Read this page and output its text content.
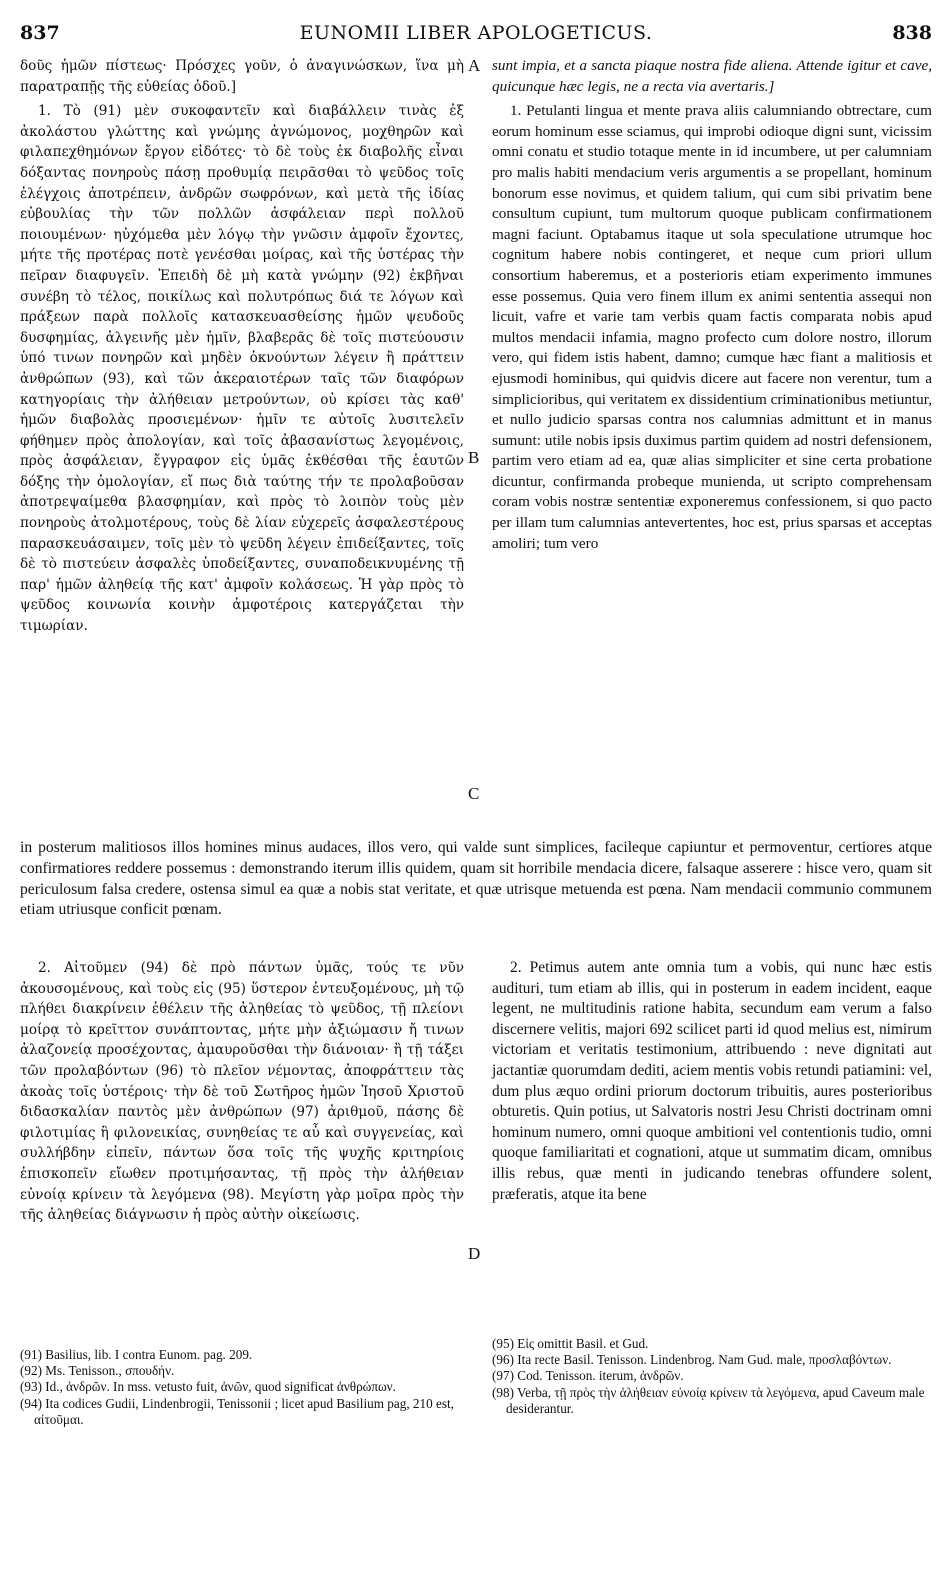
837	EUNOMII LIBER APOLOGETICUS.	838

δοῦς ἡμῶν πίστεως· Πρόσχες γοῦν, ὁ ἀναγινώσκων, ἵνα μὴ παρατραπῇς τῆς εὐθείας ὁδοῦ.]

1. Τὸ (91) μὲν συκοφαντεῖν καὶ διαβάλλειν τινὰς ἐξ ἀκολάστου γλώττης καὶ γνώμης ἀγνώμονος, μοχθηρῶν καὶ φιλαπεχθημόνων ἔργον εἰδότες· τὸ δὲ τοὺς ἐκ διαβολῆς εἶναι δόξαντας πονηροὺς πάσῃ προθυμίᾳ πειρᾶσθαι τὸ ψεῦδος τοῖς ἐλέγχοις ἀποτρέπειν, ἀνδρῶν σωφρόνων, καὶ μετὰ τῆς ἰδίας εὐβουλίας τὴν τῶν πολλῶν ἀσφάλειαν περὶ πολλοῦ ποιουμένων· ηὐχόμεθα μὲν λόγῳ τὴν γνῶσιν ἀμφοῖν ἔχοντες, μήτε τῆς προτέρας ποτὲ γενέσθαι μοίρας, καὶ τῆς ὑστέρας τὴν πεῖραν διαφυγεῖν. Ἐπειδὴ δὲ μὴ κατὰ γνώμην (92) ἐκβῆναι συνέβη τὸ τέλος, ποικίλως καὶ πολυτρόπως διά τε λόγων καὶ πράξεων παρὰ πολλοῖς κατασκευασθείσης ἡμῶν ψευδοῦς δυσφημίας, ἀλγεινῆς μὲν ἡμῖν, βλαβερᾶς δὲ τοῖς πιστεύουσιν ὑπό τινων πονηρῶν καὶ μηδὲν ὀκνούντων λέγειν ἢ πράττειν ἀνθρώπων (93), καὶ τῶν ἀκεραιοτέρων ταῖς τῶν διαφόρων κατηγορίαις τὴν ἀλήθειαν μετρούντων, οὐ κρίσει τὰς καθ' ἡμῶν διαβολὰς προσιεμένων· ἡμῖν τε αὐτοῖς λυσιτελεῖν φήθημεν πρὸς ἀπολογίαν, καὶ τοῖς ἀβασανίστως λεγομένοις, πρὸς ἀσφάλειαν, ἔγγραφον εἰς ὑμᾶς ἐκθέσθαι τῆς ἑαυτῶν δόξης τὴν ὁμολογίαν, εἴ πως διὰ ταύτης τήν τε προλαβοῦσαν ἀποτρεψαίμεθα βλασφημίαν, καὶ πρὸς τὸ λοιπὸν τοὺς μὲν πονηροὺς ἀτολμοτέρους, τοὺς δὲ λίαν εὐχερεῖς ἀσφαλεστέρους παρασκευάσαιμεν, τοῖς μὲν τὸ ψεῦδη λέγειν ἐπιδείξαντες, τοῖς δὲ τὸ πιστεύειν ἀσφαλὲς ὑποδείξαντες, συναποδεικνυμένης τῇ παρ' ἡμῶν ἀληθείᾳ τῆς κατ' ἀμφοῖν κολάσεως. Ἡ γὰρ πρὸς τὸ ψεῦδος κοινωνία κοινὴν ἀμφοτέροις κατεργάζεται τὴν τιμωρίαν.

sunt impia, et a sancta piaque nostra fide aliena. Attende igitur et cave, quicunque hæc legis, ne a recta via avertaris.]

1. Petulanti lingua et mente prava aliis calumniando obtrectare, cum eorum hominum esse sciamus, qui improbi odioque digni sunt, vicissim omni conatu et studio totaque mente in id incumbere, ut per calumniam pro malis habiti mendacium veris argumentis a se propellant, hominum bonorum esse novimus, et quidem talium, qui cum sibi privatim bene consultum cupiunt, tum multorum quoque publicam confirmationem magni faciunt. Optabamus itaque ut sola speculatione utrumque hoc cognitum habere nobis contingeret, et neque cum priori ullum consortium haberemus, et a posterioris etiam experimento immunes esse possemus. Quia vero finem illum ex animi sententia assequi non licuit, vafre et varie tam verbis quam factis comparata nobis apud multos mendacii infamia, magno profecto cum dolore nostro, illorum vero, qui fidem istis habent, damno; cumque hæc fiant a malitiosis et ejusmodi hominibus, qui quidvis dicere aut facere non verentur, tum a simplicioribus, qui veritatem ex dissidentium criminationibus metiuntur, et nullo judicio sparsas contra nos calumnias admittunt et in manus sumunt: utile nobis ipsis duximus partim quidem ad nostri defensionem, partim vero etiam ad ea, quæ alias simpliciter et sine certa probatione dicuntur, confirmanda probeque munienda, ut scripto comprehensam coram vobis nostræ sententiæ exponeremus confessionem, si quo pacto per illam tum calumnias antevertentes, hoc est, prius sparsas et acceptas amoliri; tum vero

A
B
C
D
in posterum malitiosos illos homines minus audaces, illos vero, qui valde sunt simplices, facileque capiuntur et permoventur, certiores atque confirmatiores reddere possemus : demonstrando iterum illis quidem, quam sit horribile mendacia dicere, falsaque asserere : hisce vero, quam sit periculosum falsa credere, ostensa simul ea quæ a nobis stat veritate, et quæ utrisque metuenda est pœna. Nam mendacii communio communem etiam utriusque conficit pœnam.

2. Αἰτοῦμεν (94) δὲ πρὸ πάντων ὑμᾶς, τούς τε νῦν ἀκουσομένους, καὶ τοὺς εἰς (95) ὕστερον ἐντευξομένους, μὴ τῷ πλήθει διακρίνειν ἐθέλειν τῆς ἀληθείας τὸ ψεῦδος, τῇ πλείονι μοίρᾳ τὸ κρεῖττον συνάπτοντας, μήτε μὴν ἀξιώμασιν ἤ τινων ἀλαζονείᾳ προσέχοντας, ἀμαυροῦσθαι τὴν διάνοιαν· ἢ τῇ τάξει τῶν προλαβόντων (96) τὸ πλεῖον νέμοντας, ἀποφράττειν τὰς ἀκοὰς τοῖς ὑστέροις· τὴν δὲ τοῦ Σωτῆρος ἡμῶν Ἰησοῦ Χριστοῦ διδασκαλίαν παντὸς μὲν ἀνθρώπων (97) ἀριθμοῦ, πάσης δὲ φιλοτιμίας ἢ φιλονεικίας, συνηθείας τε αὖ καὶ συγγενείας, καὶ συλλήβδην εἰπεῖν, πάντων ὅσα τοῖς τῆς ψυχῆς κριτηρίοις ἐπισκοπεῖν εἴωθεν προτιμήσαντας, τῇ πρὸς τὴν ἀλήθειαν εὐνοίᾳ κρίνειν τὰ λεγόμενα (98). Μεγίστη γὰρ μοῖρα πρὸς τὴν τῆς ἀληθείας διάγνωσιν ἡ πρὸς αὐτὴν οἰκείωσις.

2. Petimus autem ante omnia tum a vobis, qui nunc hæc estis audituri, tum etiam ab illis, qui in posterum in eadem incident, eaque legent, ne multitudinis ratione habita, secundum eam verum a falso discernere velitis, majori 692 scilicet parti id quod melius est, nimirum victoriam et veritatis testimonium, attribuendo : neve dignitati aut jactantiæ quorumdam dediti, aciem mentis vobis retundi patiamini: vel, dum plus æquo ordini priorum doctorum tribuitis, aures posterioribus obturetis. Quin potius, ut Salvatoris nostri Jesu Christi doctrinam omni hominum numero, omni quoque ambitioni vel contentionis tudio, omni quoque familiaritati et cognationi, atque ut summatim dicam, omnibus illis rebus, quæ menti in judicando tenebras offundere solent, præferatis, atque ita bene

(91) Basilius, lib. I contra Eunom. pag. 209.

(92) Ms. Tenisson., σπουδήν.

(93) Id., ἀνδρῶν. In mss. vetusto fuit, ἀνῶν, quod significat ἀνθρώπων.

(94) Ita codices Gudii, Lindenbrogii, Tenissonii ; licet apud Basilium pag, 210 est, αἰτοῦμαι.

(95) Εἰς omittit Basil. et Gud.

(96) Ita recte Basil. Tenisson. Lindenbrog. Nam Gud. male, προσλαβόντων.

(97) Cod. Tenisson. iterum, ἀνδρῶν.

(98) Verba, τῇ πρὸς τὴν ἀλήθειαν εὐνοίᾳ κρίνειν τὰ λεγόμενα, apud Caveum male desiderantur.
